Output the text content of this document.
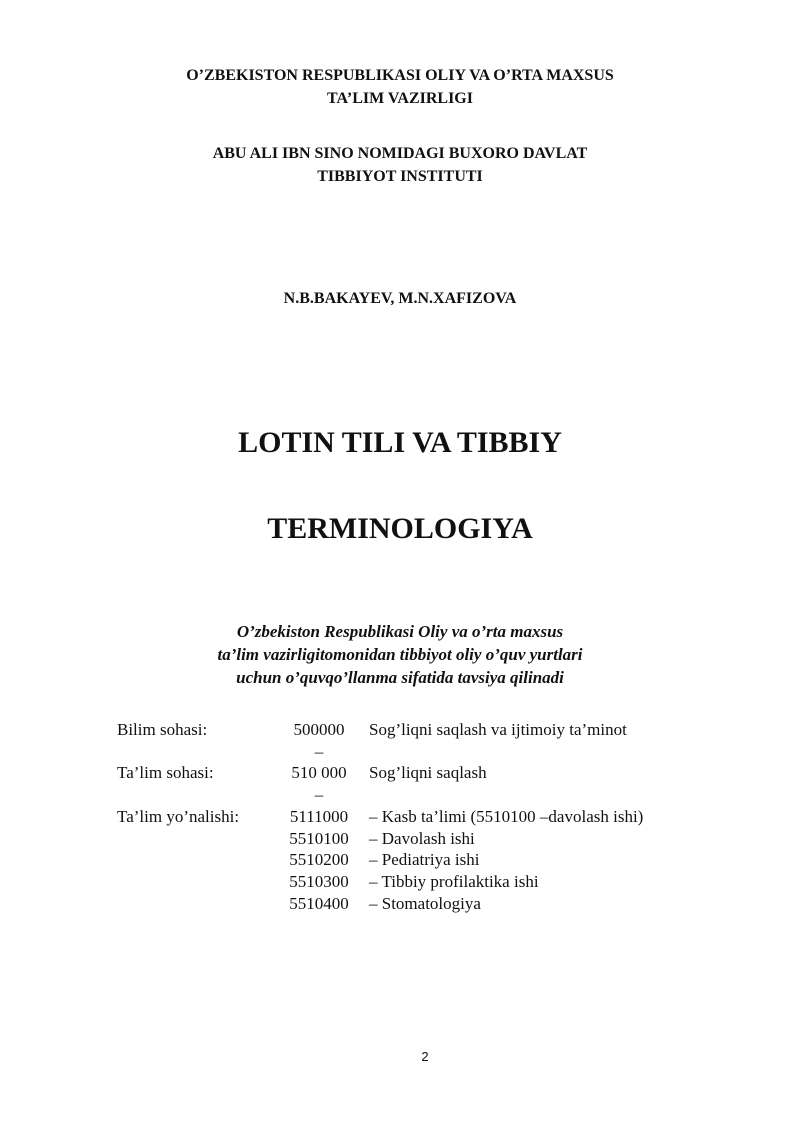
O’ZBEKISTON RESPUBLIKASI OLIY VA O’RTA MAXSUS
TA’LIM VAZIRLIGI
ABU ALI IBN SINO NOMIDAGI BUXORO DAVLAT
TIBBIYOT INSTITUTI
N.B.BAKAYEV, M.N.XAFIZOVA
LOTIN TILI VA TIBBIY
TERMINOLOGIYA
O’zbekiston Respublikasi Oliy va o’rta maxsus
ta’lim vazirligitomonidan tibbiyot oliy o’quv yurtlari
uchun o’quvqo’llanma sifatida tavsiya qilinadi
Bilim sohasi:	500000 –		Sog’liqni saqlash va ijtimoiy ta’minot
Ta’lim sohasi:	510 000 –		Sog’liqni saqlash
Ta’lim yo’nalishi:	5111000		– Kasb ta’limi (5510100 –davolash ishi)
	5510100		– Davolash ishi
	5510200		– Pediatriya ishi
	5510300		– Tibbiy profilaktika ishi
	5510400		– Stomatologiya
2
